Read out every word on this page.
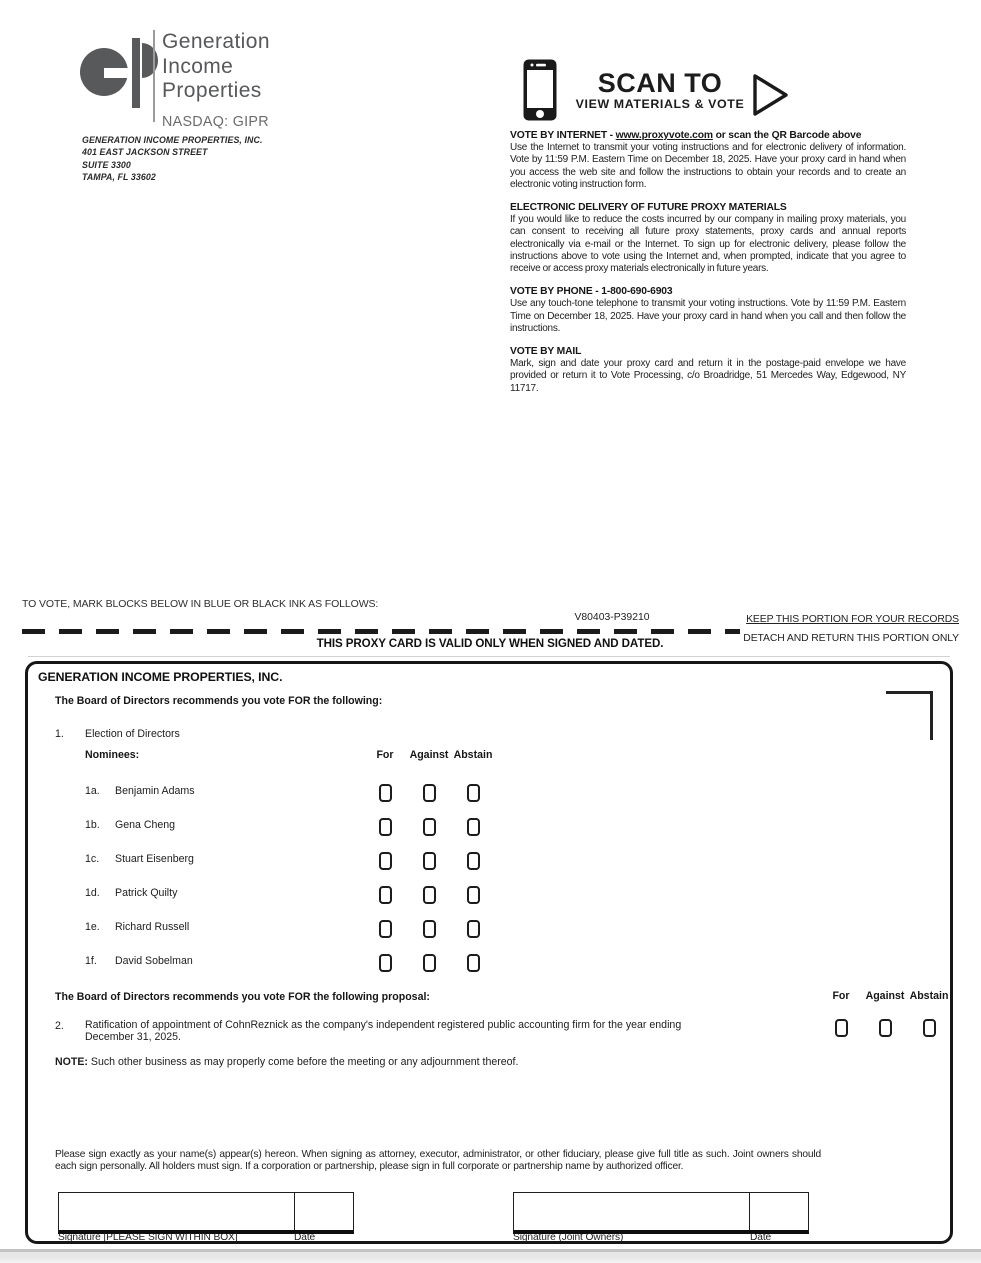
Generation
Income
Properties
NASDAQ: GIPR
GENERATION INCOME PROPERTIES, INC.
401 EAST JACKSON STREET
SUITE 3300
TAMPA, FL 33602
SCAN TO
VIEW MATERIALS & VOTE

VOTE BY INTERNET - www.proxyvote.com or scan the QR Barcode above

Use the Internet to transmit your voting instructions and for electronic delivery of information. Vote by 11:59 P.M. Eastern Time on December 18, 2025. Have your proxy card in hand when you access the web site and follow the instructions to obtain your records and to create an electronic voting instruction form.

ELECTRONIC DELIVERY OF FUTURE PROXY MATERIALS

If you would like to reduce the costs incurred by our company in mailing proxy materials, you can consent to receiving all future proxy statements, proxy cards and annual reports electronically via e-mail or the Internet. To sign up for electronic delivery, please follow the instructions above to vote using the Internet and, when prompted, indicate that you agree to receive or access proxy materials electronically in future years.

VOTE BY PHONE - 1-800-690-6903

Use any touch-tone telephone to transmit your voting instructions. Vote by 11:59 P.M. Eastern Time on December 18, 2025. Have your proxy card in hand when you call and then follow the instructions.

VOTE BY MAIL

Mark, sign and date your proxy card and return it in the postage-paid envelope we have provided or return it to Vote Processing, c/o Broadridge, 51 Mercedes Way, Edgewood, NY 11717.

TO VOTE, MARK BLOCKS BELOW IN BLUE OR BLACK INK AS FOLLOWS:
V80403-P39210	KEEP THIS PORTION FOR YOUR RECORDS
DETACH AND RETURN THIS PORTION ONLY
THIS PROXY CARD IS VALID ONLY WHEN SIGNED AND DATED.
GENERATION INCOME PROPERTIES, INC.
The Board of Directors recommends you vote FOR the following:
1. Election of Directors
Nominees:	For	Against Abstain
1a.	Benjamin Adams
1b.	Gena Cheng
1c.	Stuart Eisenberg
1d.	Patrick Quilty
1e.	Richard Russell
1f.	David Sobelman
The Board of Directors recommends you vote FOR the following proposal:	For	Against Abstain
2. Ratification of appointment of CohnReznick as the company's independent registered public accounting firm for the year ending December 31, 2025.
NOTE: Such other business as may properly come before the meeting or any adjournment thereof.
Please sign exactly as your name(s) appear(s) hereon. When signing as attorney, executor, administrator, or other fiduciary, please give full title as such. Joint owners should each sign personally. All holders must sign. If a corporation or partnership, please sign in full corporate or partnership name by authorized officer.
Signature [PLEASE SIGN WITHIN BOX]	Date	Signature (Joint Owners)	Date
